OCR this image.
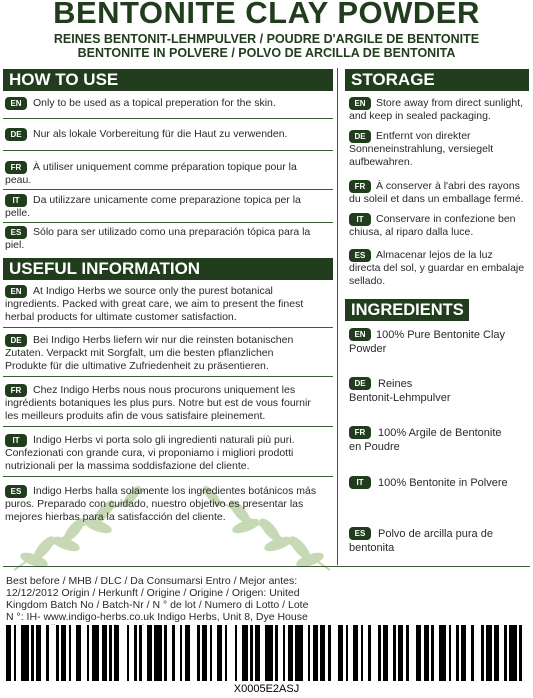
BENTONITE CLAY POWDER
REINES BENTONIT-LEHMPULVER / POUDRE D'ARGILE DE BENTONITE
BENTONITE IN POLVERE / POLVO DE ARCILLA DE BENTONITA
HOW TO USE
EN	Only to be used as a topical preperation for the skin.
DE	Nur als lokale Vorbereitung für die Haut zu verwenden.
FR	À utiliser uniquement comme préparation topique pour la
peau.
IT	Da utilizzare unicamente come preparazione topica per la
pelle.
ES	Sólo para ser utilizado como una preparación tópica para la
piel.
USEFUL INFORMATION
EN	At Indigo Herbs we source only the purest botanical
ingredients. Packed with great care, we aim to present the finest
herbal products for ultimate customer satisfaction.
DE	Bei Indigo Herbs liefern wir nur die reinsten botanischen
Zutaten. Verpackt mit Sorgfalt, um die besten pflanzlichen
Produkte für die ultimative Zufriedenheit zu präsentieren.
FR	Chez Indigo Herbs nous nous procurons uniquement les
ingrédients botaniques les plus purs. Notre but est de vous fournir
les meilleurs produits afin de vous satisfaire pleinement.
IT	Indigo Herbs vi porta solo gli ingredienti naturali più puri.
Confezionati con grande cura, vi proponiamo i migliori prodotti
nutrizionali per la massima soddisfazione del cliente.
ES	Indigo Herbs halla solamente los ingredientes botánicos más
puros. Preparado con cuidado, nuestro objetivo es presentar las
mejores hierbas para la satisfacción del cliente.
STORAGE
EN Store away from direct sunlight,
and keep in sealed packaging.
DE Entfernt von direkter
Sonneneinstrahlung, versiegelt
aufbewahren.
FR	À conserver à l'abri des rayons
du soleil et dans un emballage fermé.
IT	Conservare in confezione ben
chiusa, al riparo dalla luce.
ES	Almacenar lejos de la luz
directa del sol, y guardar en embalaje
sellado.
INGREDIENTS
EN 100% Pure Bentonite Clay
Powder
DE	Reines
Bentonit-Lehmpulver
FR	100% Argile de Bentonite
en Poudre
IT	100% Bentonite in Polvere
ES	Polvo de arcilla pura de
bentonita
Best before / MHB / DLC / Da Consumarsi Entro / Mejor antes:
12/12/2012 Origin / Herkunft / Origine / Origine / Origen: United
Kingdom Batch No / Batch-Nr / N ° de lot / Numero di Lotto / Lote
N °: IH- www.indigo-herbs.co.uk Indigo Herbs, Unit 8, Dye House
X0005E2ASJ
